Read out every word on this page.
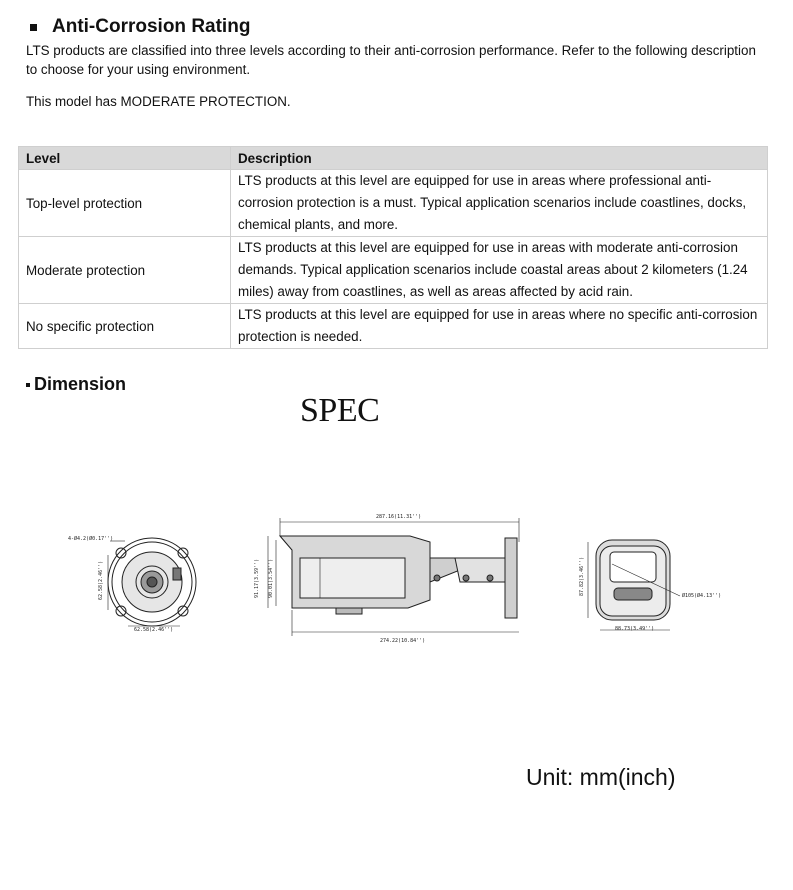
Anti-Corrosion Rating
LTS products are classified into three levels according to their anti-corrosion performance. Refer to the following description to choose for your using environment.
This model has MODERATE PROTECTION.
Level	Description
Top-level protection	LTS products at this level are equipped for use in areas where professional anti-corrosion protection is a must. Typical application scenarios include coastlines, docks, chemical plants, and more.
Moderate protection	LTS products at this level are equipped for use in areas with moderate anti-corrosion demands. Typical application scenarios include coastal areas about 2 kilometers (1.24 miles) away from coastlines, as well as areas affected by acid rain.
No specific protection	LTS products at this level are equipped for use in areas where no specific anti-corrosion protection is needed.
Dimension
SPEC
4-Ø4.2(Ø0.17'')
62.58(2.46'')
62.58(2.46'')
287.16(11.31'')
274.22(10.84'')
91.17(3.59'') 90.01(3.54'')	87.82(3.46'')	Ø105(Ø4.13'')
88.73(3.49'')
Unit: mm(inch)
